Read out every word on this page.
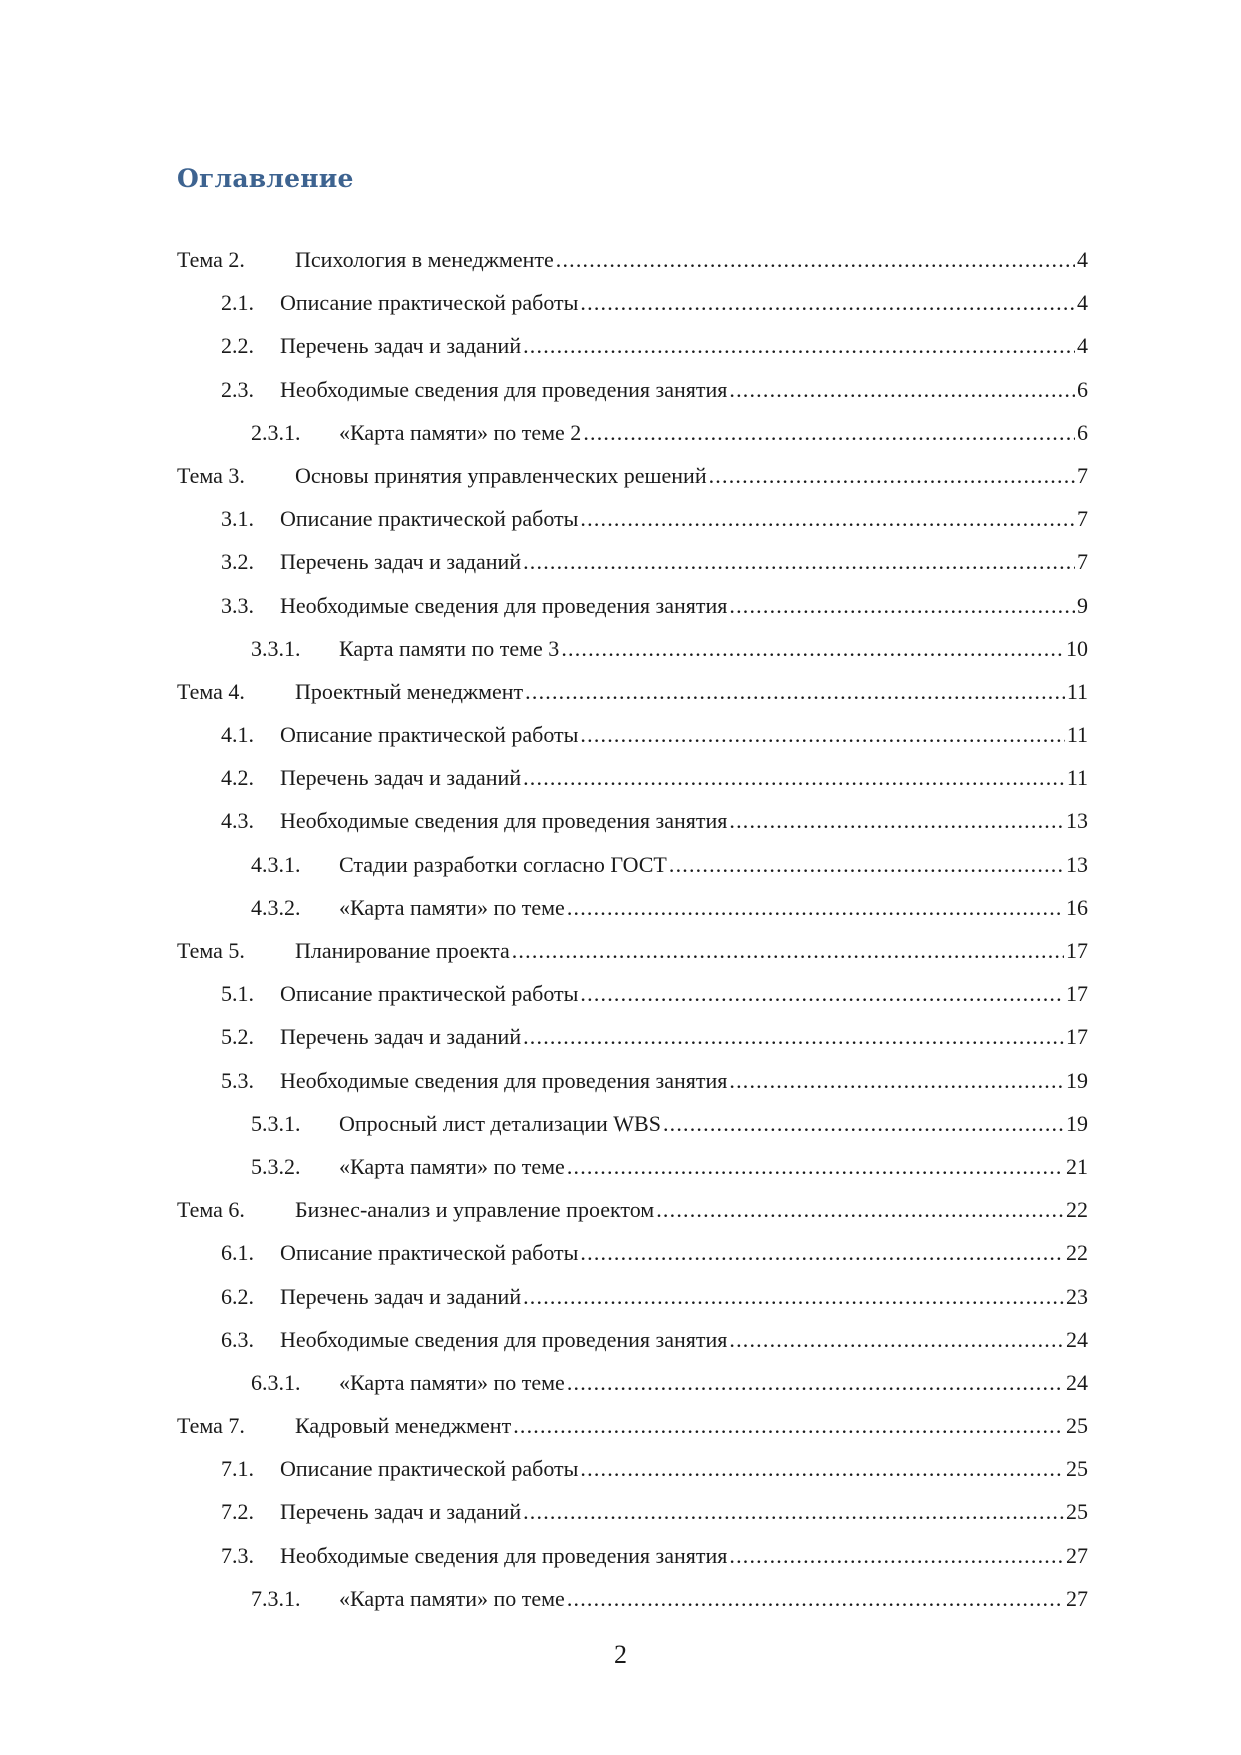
Оглавление
Тема 2.	Психология в менеджменте .....	4
2.1.	Описание практической работы .....	4
2.2.	Перечень задач и заданий .....	4
2.3.	Необходимые сведения для проведения занятия .....	6
2.3.1.	«Карта памяти» по теме 2 .....	6
Тема 3.	Основы принятия управленческих решений .....	7
3.1.	Описание практической работы .....	7
3.2.	Перечень задач и заданий .....	7
3.3.	Необходимые сведения для проведения занятия .....	9
3.3.1.	Карта памяти по теме 3 .....	10
Тема 4.	Проектный менеджмент .....	11
4.1.	Описание практической работы .....	11
4.2.	Перечень задач и заданий .....	11
4.3.	Необходимые сведения для проведения занятия .....	13
4.3.1.	Стадии разработки согласно ГОСТ .....	13
4.3.2.	«Карта памяти» по теме .....	16
Тема 5.	Планирование проекта .....	17
5.1.	Описание практической работы .....	17
5.2.	Перечень задач и заданий .....	17
5.3.	Необходимые сведения для проведения занятия .....	19
5.3.1.	Опросный лист детализации WBS .....	19
5.3.2.	«Карта памяти» по теме .....	21
Тема 6.	Бизнес-анализ и управление проектом .....	22
6.1.	Описание практической работы .....	22
6.2.	Перечень задач и заданий .....	23
6.3.	Необходимые сведения для проведения занятия .....	24
6.3.1.	«Карта памяти» по теме .....	24
Тема 7.	Кадровый менеджмент .....	25
7.1.	Описание практической работы .....	25
7.2.	Перечень задач и заданий .....	25
7.3.	Необходимые сведения для проведения занятия .....	27
7.3.1.	«Карта памяти» по теме .....	27
2
